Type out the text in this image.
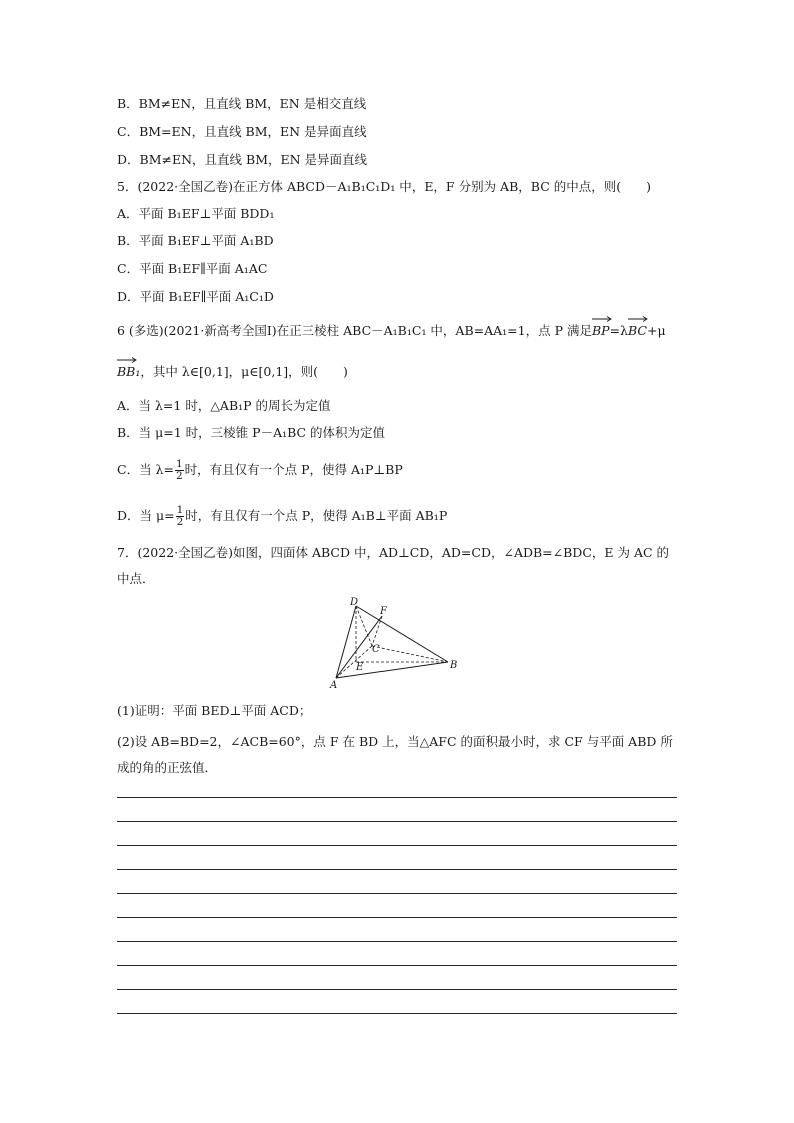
B．BM≠EN，且直线 BM，EN 是相交直线
C．BM=EN，且直线 BM，EN 是异面直线
D．BM≠EN，且直线 BM，EN 是异面直线
5．(2022·全国乙卷)在正方体 ABCD－A₁B₁C₁D₁ 中，E，F 分别为 AB，BC 的中点，则(　　)
A．平面 B₁EF⊥平面 BDD₁
B．平面 B₁EF⊥平面 A₁BD
C．平面 B₁EF∥平面 A₁AC
D．平面 B₁EF∥平面 A₁C₁D
6 (多选)(2021·新高考全国Ⅰ)在正三棱柱 ABC－A₁B₁C₁ 中，AB=AA₁=1，点 P 满足
BP=λ
BC+μ
BB₁，其中 λ∈[0,1]，μ∈[0,1]，则(　　)
A．当 λ=1 时，△AB₁P 的周长为定值
B．当 μ=1 时，三棱锥 P－A₁BC 的体积为定值
C．当 $\lambda= \frac{1}{2}$ 时，有且仅有一个点 P，使得 A₁P⊥BP
D．当 $\mu= \frac{1}{2}$ 时，有且仅有一个点 P，使得 A₁B⊥平面 AB₁P
7．(2022·全国乙卷)如图，四面体 ABCD 中，AD⊥CD，AD=CD，∠ADB=∠BDC，E 为 AC 的中点．
D
F
C
E
A
B
(1)证明：平面 BED⊥平面 ACD；
(2)设 AB=BD=2，∠ACB=60°，点 F 在 BD 上，当△AFC 的面积最小时，求 CF 与平面 ABD 所成的角的正弦值．
